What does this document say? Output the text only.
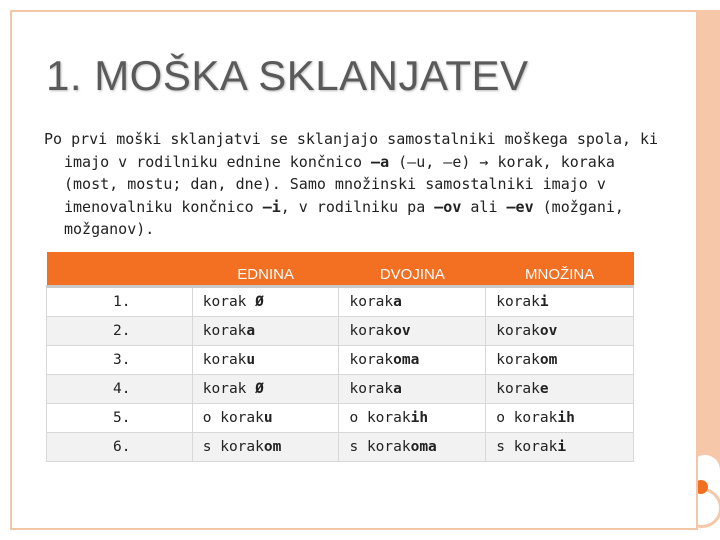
1. MOŠKA SKLANJATEV
Po prvi moški sklanjatvi se sklanjajo samostalniki moškega spola, ki
imajo v rodilniku ednine končnico –a (–u, –e) → korak, koraka
(most, mostu; dan, dne). Samo množinski samostalniki imajo v
imenovalniku končnico –i, v rodilniku pa –ov ali –ev (možgani,
možganov).
	EDNINA	DVOJINA	MNOŽINA
1.	korak Ø	koraka	koraki
2.	koraka	korakov	korakov
3.	koraku	korakoma	korakom
4.	korak Ø	koraka	korake
5.	o koraku	o korakih	o korakih
6.	s korakom	s korakoma	s koraki
